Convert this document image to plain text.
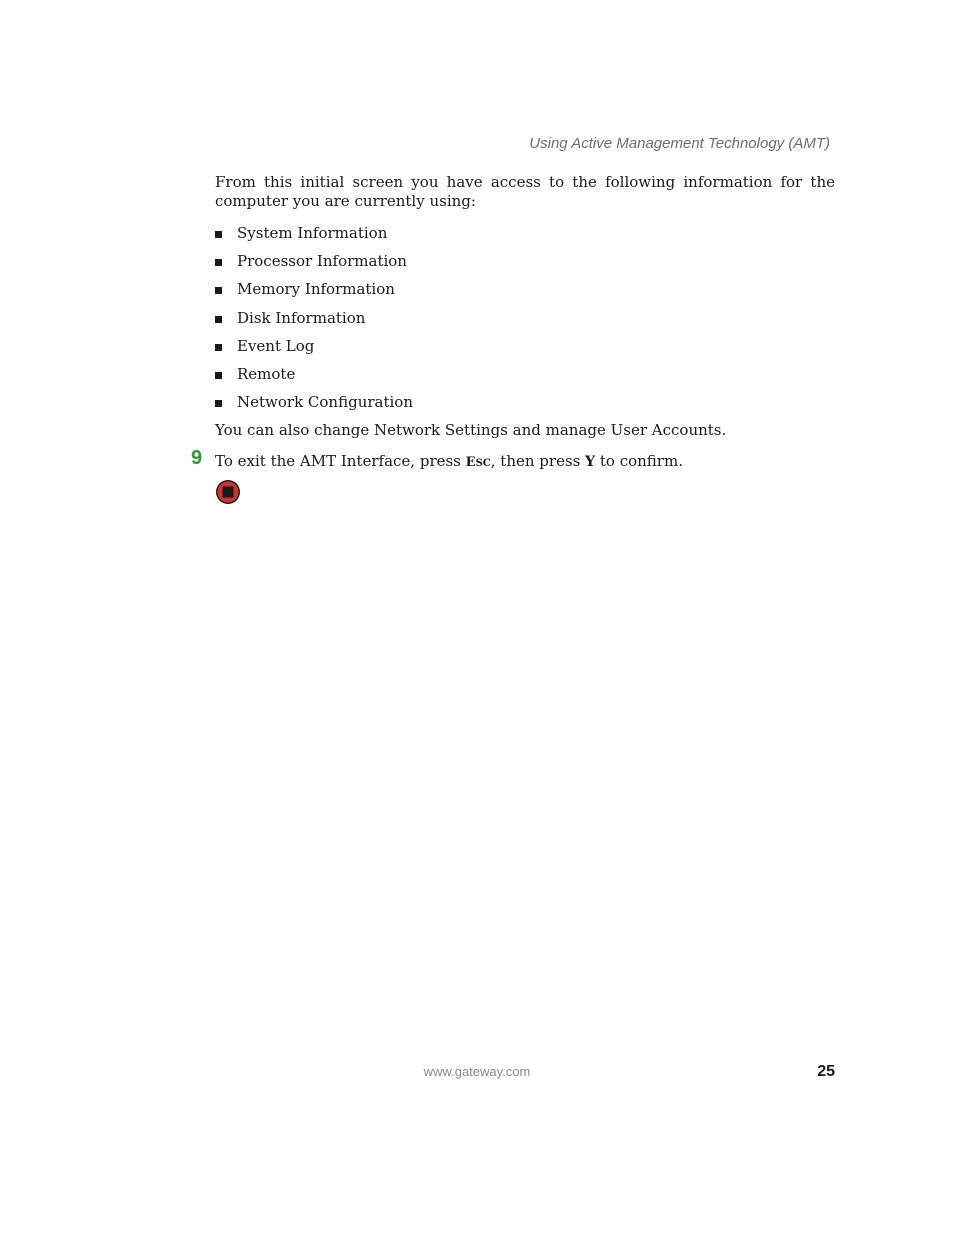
Using Active Management Technology (AMT)
From this initial screen you have access to the following information for the computer you are currently using:
System Information
Processor Information
Memory Information
Disk Information
Event Log
Remote
Network Configuration
You can also change Network Settings and manage User Accounts.
9 To exit the AMT Interface, press ESC, then press Y to confirm.
www.gateway.com	25
